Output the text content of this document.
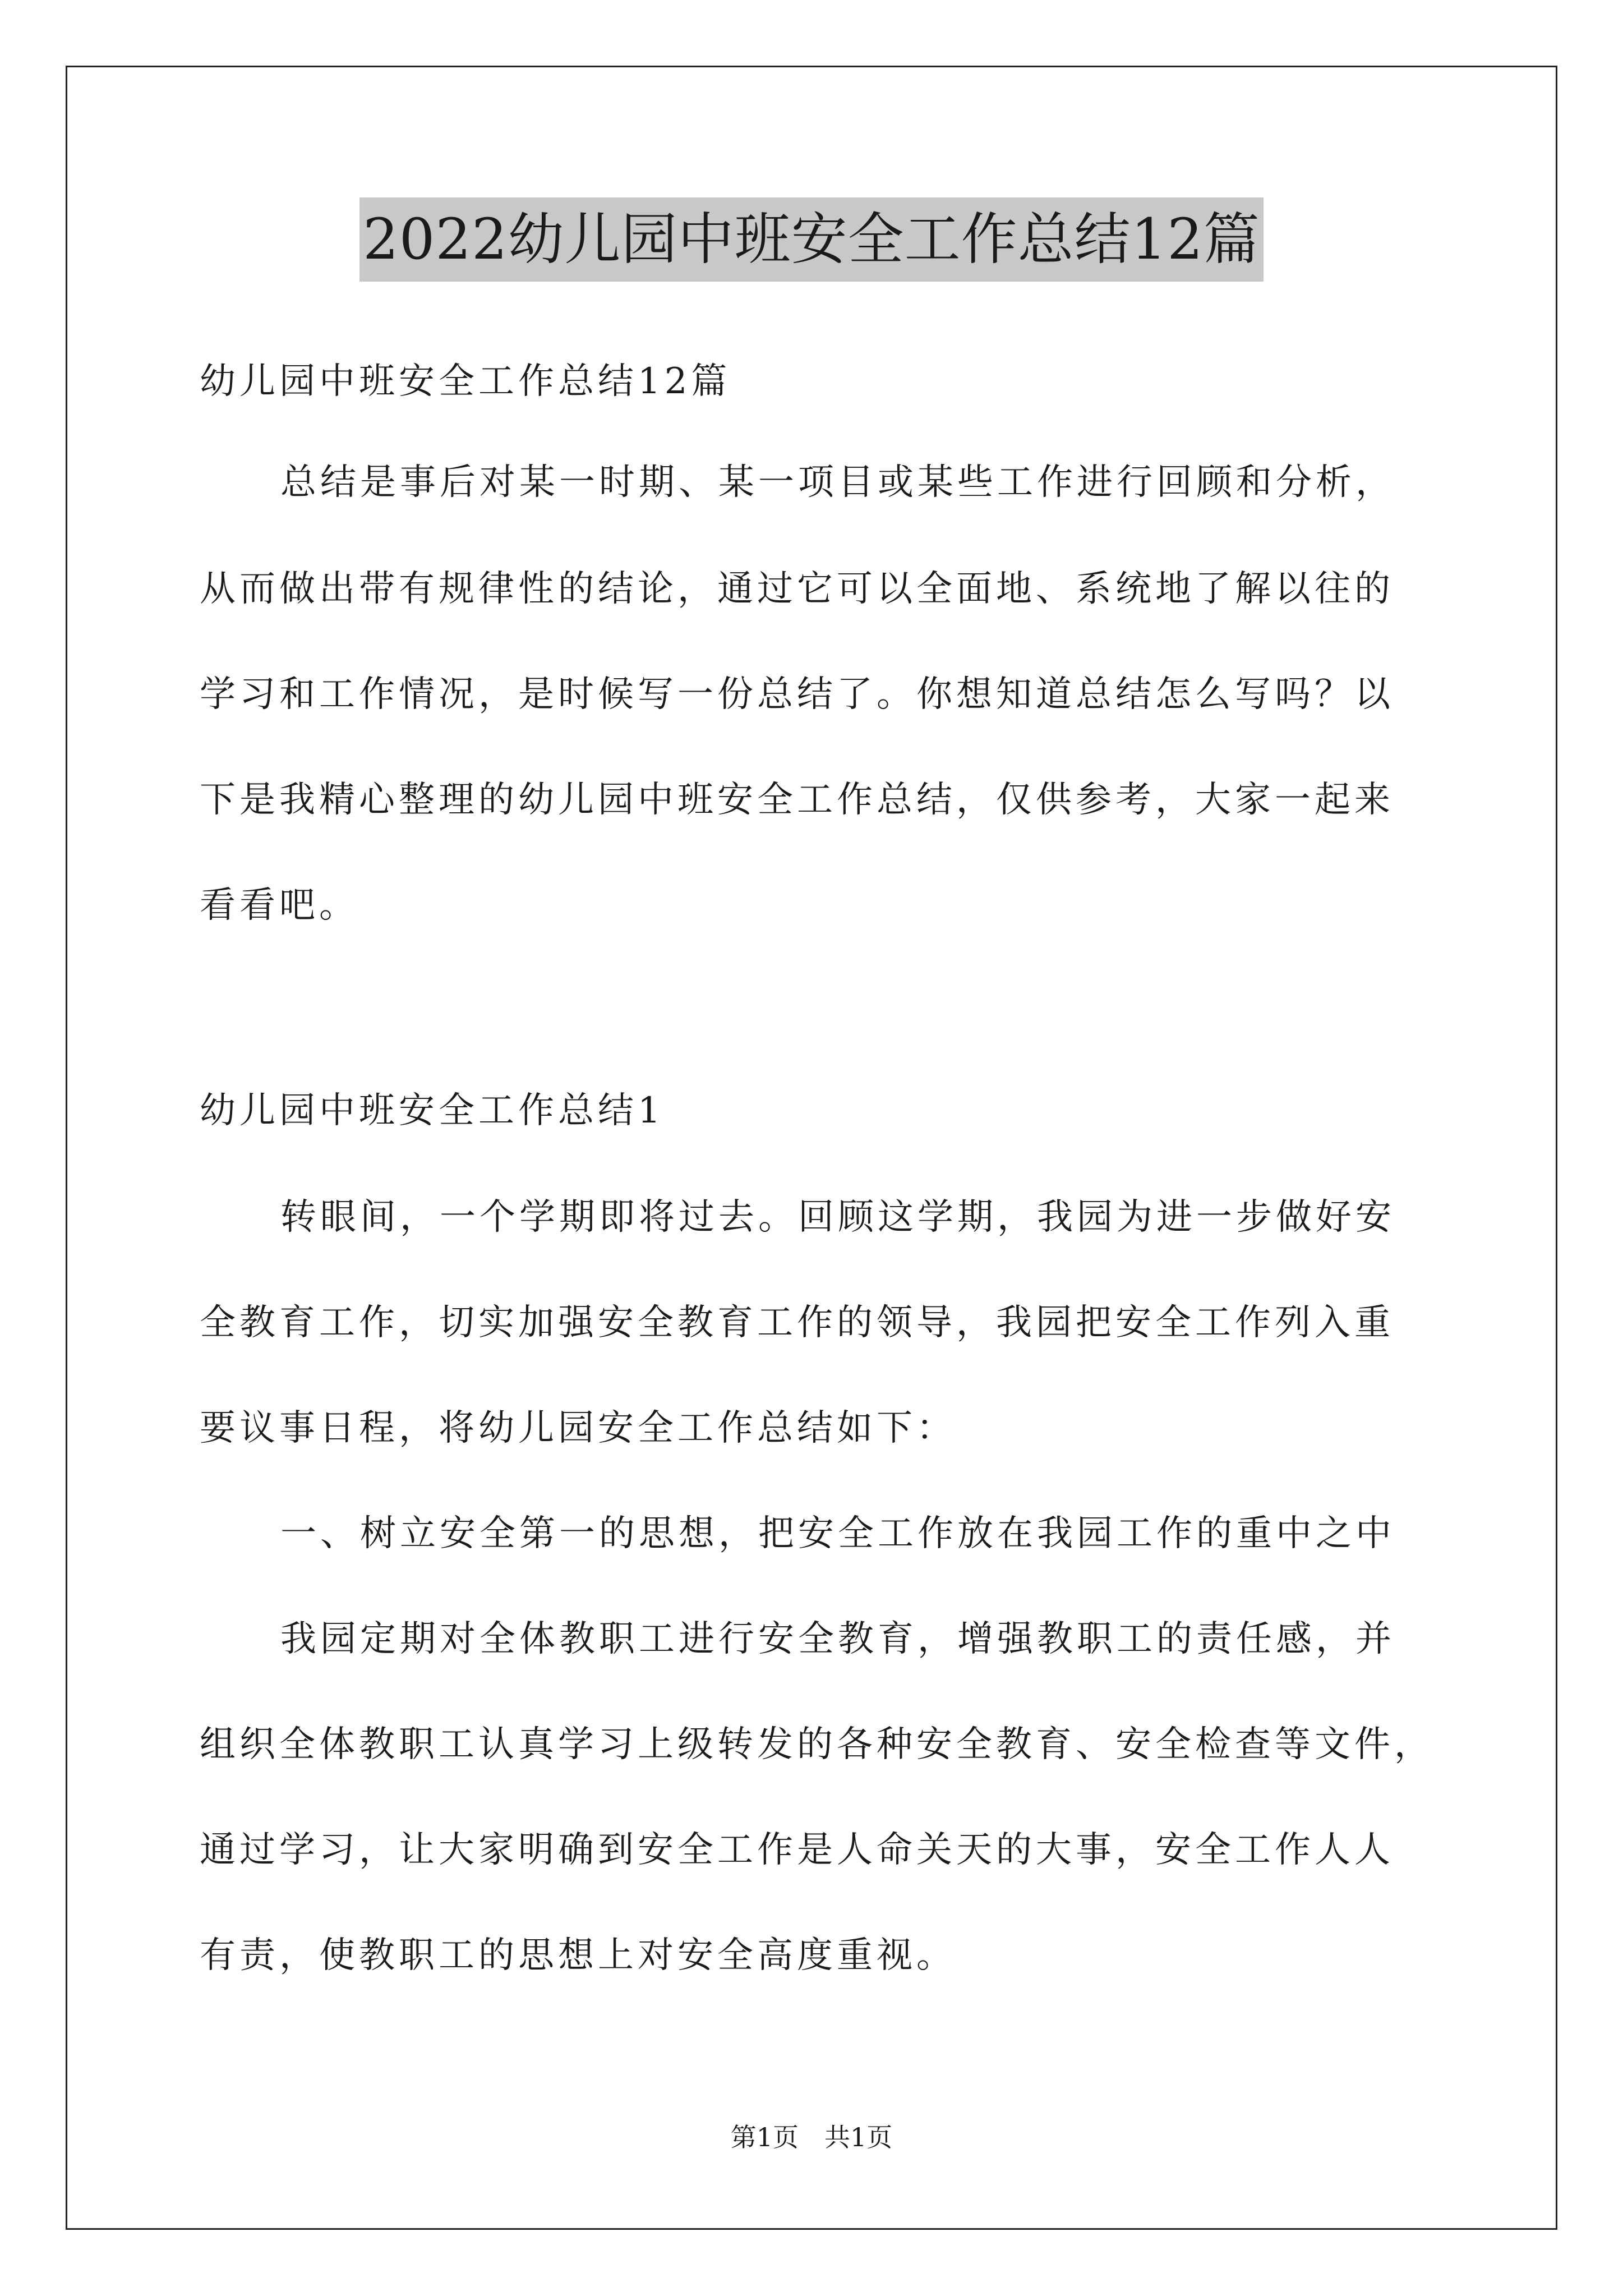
2022幼儿园中班安全工作总结12篇
幼儿园中班安全工作总结12篇
总结是事后对某一时期、某一项目或某些工作进行回顾和分析，
从而做出带有规律性的结论，通过它可以全面地、系统地了解以往的
学习和工作情况，是时候写一份总结了。你想知道总结怎么写吗？以
下是我精心整理的幼儿园中班安全工作总结，仅供参考，大家一起来
看看吧。
幼儿园中班安全工作总结1
转眼间，一个学期即将过去。回顾这学期，我园为进一步做好安
全教育工作，切实加强安全教育工作的领导，我园把安全工作列入重
要议事日程，将幼儿园安全工作总结如下：
一、树立安全第一的思想，把安全工作放在我园工作的重中之中
我园定期对全体教职工进行安全教育，增强教职工的责任感，并
组织全体教职工认真学习上级转发的各种安全教育、安全检查等文件，
通过学习，让大家明确到安全工作是人命关天的大事，安全工作人人
有责，使教职工的思想上对安全高度重视。
第1页　共1页
